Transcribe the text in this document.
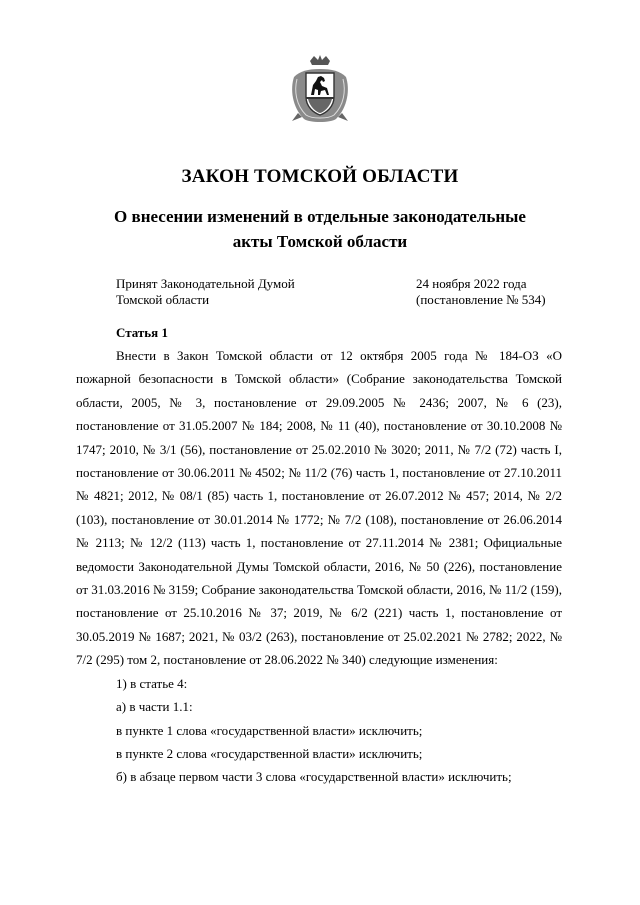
ЗАКОН ТОМСКОЙ ОБЛАСТИ
О внесении изменений в отдельные законодательные
акты Томской области
Принят Законодательной Думой
Томской области
24 ноября 2022 года
(постановление № 534)
Статья 1

Внести в Закон Томской области от 12 октября 2005 года № 184-ОЗ «О пожарной безопасности в Томской области» (Собрание законодательства Томской области, 2005, № 3, постановление от 29.09.2005 № 2436; 2007, № 6 (23), постановление от 31.05.2007 № 184; 2008, № 11 (40), постановление от 30.10.2008 № 1747; 2010, № 3/1 (56), постановление от 25.02.2010 № 3020; 2011, № 7/2 (72) часть I, постановление от 30.06.2011 № 4502; № 11/2 (76) часть 1, постановление от 27.10.2011 № 4821; 2012, № 08/1 (85) часть 1, постановление от 26.07.2012 № 457; 2014, № 2/2 (103), постановление от 30.01.2014 № 1772; № 7/2 (108), постановление от 26.06.2014 № 2113; № 12/2 (113) часть 1, постановление от 27.11.2014 № 2381; Официальные ведомости Законодательной Думы Томской области, 2016, № 50 (226), постановление от 31.03.2016 № 3159; Собрание законодательства Томской области, 2016, № 11/2 (159), постановление от 25.10.2016 № 37; 2019, № 6/2 (221) часть 1, постановление от 30.05.2019 № 1687; 2021, № 03/2 (263), постановление от 25.02.2021 № 2782; 2022, № 7/2 (295) том 2, постановление от 28.06.2022 № 340) следующие изменения:

1) в статье 4:

а) в части 1.1:

в пункте 1 слова «государственной власти» исключить;

в пункте 2 слова «государственной власти» исключить;

б) в абзаце первом части 3 слова «государственной власти» исключить;
